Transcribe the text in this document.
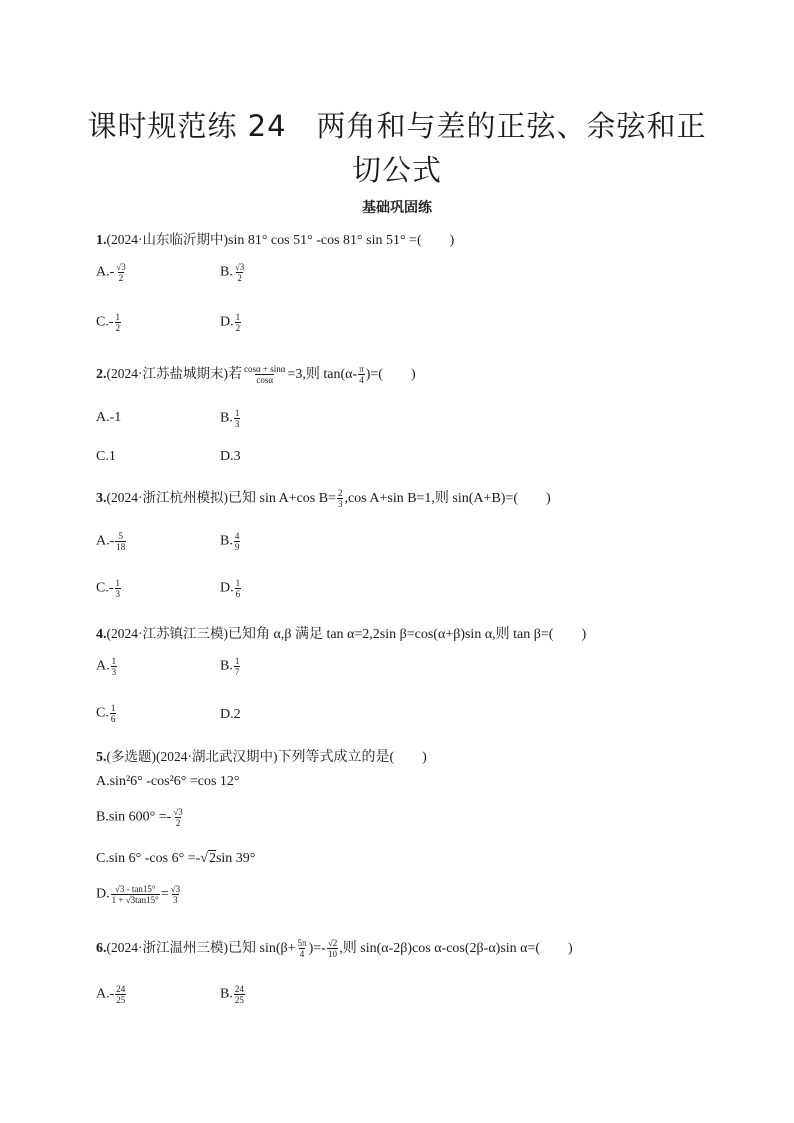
课时规范练 24　两角和与差的正弦、余弦和正
切公式
基础巩固练
1.(2024·山东临沂期中)sin 81° cos 51° -cos 81° sin 51° =(　　)
$A.- \frac{√3}{2}$	B. $\frac{√3}{2}$
$C.- \frac{1}{2}$	D. $\frac{1}{2}$
2.(2024·江苏盐城期末)若 $\frac{\cos\alpha + \sin\alpha}{\cos\alpha} =3$,则 $\tan(\alpha- \frac{\pi}{4}$ )=(　　)
A.-1	B. $\frac{1}{3}$
C.1	D.3
3.(2024·浙江杭州模拟)已知 sin A+cos $B= \frac{2}{3} ,\cos$ A+sin B=1,则 sin(A+B)=(　　)
$A.- \frac{5}{18}$	B. $\frac{4}{9}$
$C.- \frac{1}{3}$	D. $\frac{1}{6}$
4.(2024·江苏镇江三模)已知角 α,β 满足 tan α=2,2sin β=cos(α+β)sin α,则 tan β=(　　)
A. $\frac{1}{3}$	B. $\frac{1}{7}$
C. $\frac{1}{6}$	D.2
5.(多选题)(2024·湖北武汉期中)下列等式成立的是(　　)
A.sin²6° -cos²6° =cos 12°
B.sin $600^\circ =- \frac{√3}{2}$
C.sin 6° -cos 6° =-√2sin 39°
D. $\frac{√3 - \tan 15^\circ}{1 + √3\tan 15^\circ} = \frac{√3}{3}$
6.(2024·浙江温州三模)已知 $\sin(\beta+ \frac{5\pi}{4}$ )=- $\frac{√2}{10}$ ,则 sin(α-2β)cos α-cos(2β-α)sin α=(　　)
$A.- \frac{24}{25}$	B. $\frac{24}{25}$
